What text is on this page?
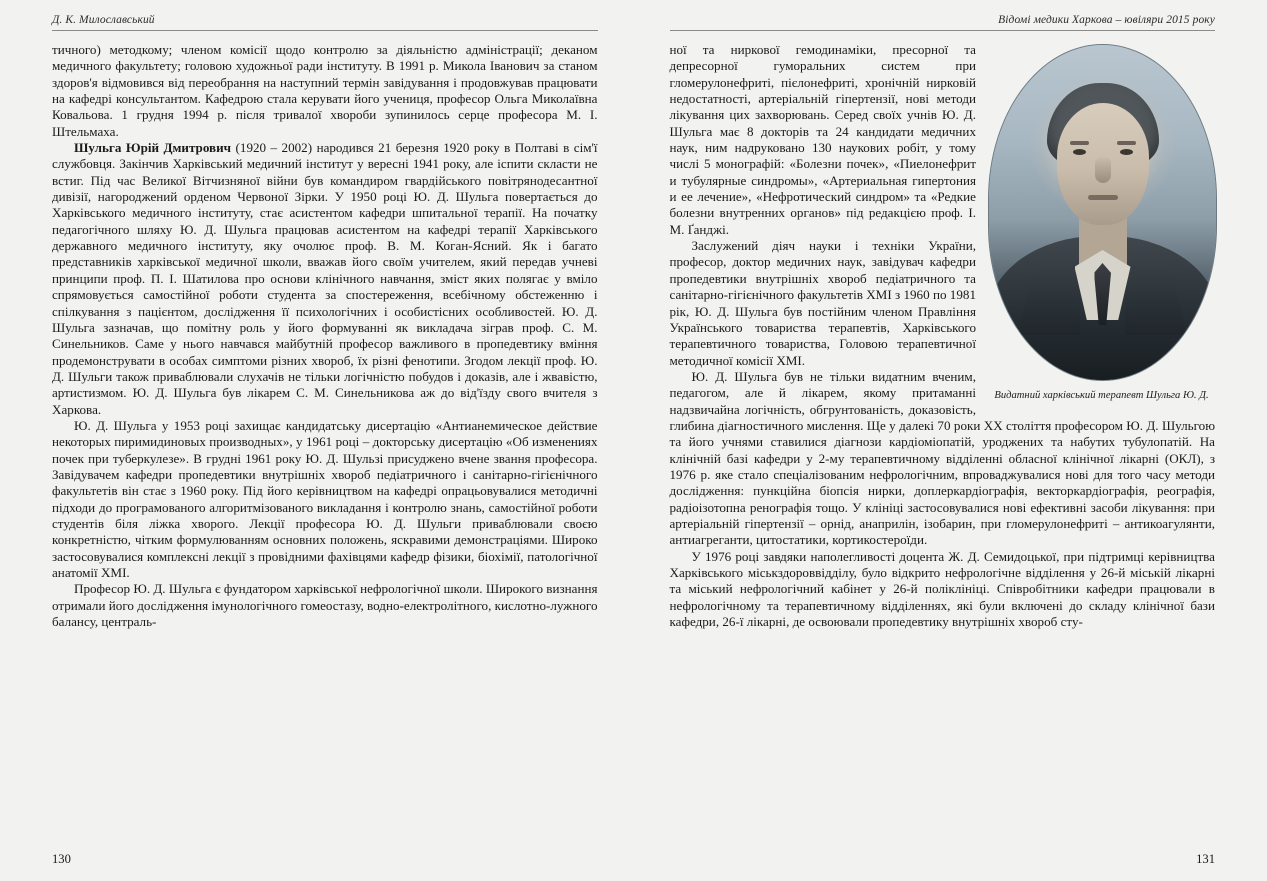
Д. К. Милославський

тичного) методкому; членом комісії щодо контролю за діяльністю адміністрації; деканом медичного факультету; головою художньої ради інституту. В 1991 р. Микола Іванович за станом здоров'я відмовився від переобрання на наступний термін завідування і продовжував працювати на кафедрі консультантом. Кафедрою стала керувати його учениця, професор Ольга Миколаївна Ковальова. 1 грудня 1994 р. після тривалої хвороби зупинилось серце професора М. І. Штельмаха.

Шульга Юрій Дмитрович (1920 – 2002) народився 21 березня 1920 року в Полтаві в сім'ї службовця. Закінчив Харківський медичний інститут у вересні 1941 року, але іспити скласти не встиг. Під час Великої Вітчизняної війни був командиром гвардійського повітрянодесантної дивізії, нагороджений орденом Червоної Зірки. У 1950 році Ю. Д. Шульга повертається до Харківського медичного інституту, стає асистентом кафедри шпитальної терапії. На початку педагогічного шляху Ю. Д. Шульга працював асистентом на кафедрі терапії Харківського державного медичного інституту, яку очолює проф. В. М. Коган-Ясний. Як і багато представників харківської медичної школи, вважав його своїм учителем, який передав учневі принципи проф. П. І. Шатилова про основи клінічного навчання, зміст яких полягає у вміло спрямовується самостійної роботи студента за спостереження, всебічному обстеженню і спілкування з пацієнтом, дослідження її психологічних і особистісних особливостей. Ю. Д. Шульга зазначав, що помітну роль у його формуванні як викладача зіграв проф. С. М. Синельников. Саме у нього навчався майбутній професор важливого в пропедевтику вміння продемонструвати в особах симптоми різних хвороб, їх різні фенотипи. Згодом лекції проф. Ю. Д. Шульги також приваблювали слухачів не тільки логічністю побудов і доказів, але і жвавістю, артистизмом. Ю. Д. Шульга був лікарем С. М. Синельникова аж до від'їзду свого вчителя з Харкова.

Ю. Д. Шульга у 1953 році захищає кандидатську дисертацію «Антианемическое действие некоторых пиримидиновых производных», у 1961 році – докторську дисертацію «Об изменениях почек при туберкулезе». В грудні 1961 року Ю. Д. Шульзі присуджено вчене звання професора. Завідувачем кафедри пропедевтики внутрішніх хвороб педіатричного і санітарно-гігієнічного факультетів він стає з 1960 року. Під його керівництвом на кафедрі опрацьовувалися методичні підходи до програмованого алгоритмізованого викладання і контролю знань, самостійної роботи студентів біля ліжка хворого. Лекції професора Ю. Д. Шульги приваблювали своєю конкретністю, чітким формулюванням основних положень, яскравими демонстраціями. Широко застосовувалися комплексні лекції з провідними фахівцями кафедр фізики, біохімії, патологічної анатомії ХМІ.

Професор Ю. Д. Шульга є фундатором харківської нефрологічної школи. Широкого визнання отримали його дослідження імунологічного гомеостазу, водно-електролітного, кислотно-лужного балансу, централь-

130
Відомі медики Харкова – ювіляри 2015 року
Видатний харківський терапевт Шульга Ю. Д.

ної та ниркової гемодинаміки, пресорної та депресорної гуморальних систем при гломерулонефриті, пієлонефриті, хронічній нирковій недостатності, артеріальній гіпертензії, нові методи лікування цих захворювань. Серед своїх учнів Ю. Д. Шульга має 8 докторів та 24 кандидати медичних наук, ним надруковано 130 наукових робіт, у тому числі 5 монографій: «Болезни почек», «Пиелонефрит и тубулярные синдромы», «Артериальная гипертония и ее лечение», «Нефротический синдром» та «Редкие болезни внутренних органов» під редакцією проф. І. М. Ґанджі.

Заслужений діяч науки і техніки України, професор, доктор медичних наук, завідувач кафедри пропедевтики внутрішніх хвороб педіатричного та санітарно-гігієнічного факультетів ХМІ з 1960 по 1981 рік, Ю. Д. Шульга був постійним членом Правління Українського товариства терапевтів, Харківського терапевтичного товариства, Головою терапевтичної методичної комісії ХМІ.

Ю. Д. Шульга був не тільки видатним вченим, педагогом, але й лікарем, якому притаманні надзвичайна логічність, обгрунтованість, доказовість, глибина діагностичного мислення. Ще у далекі 70 роки ХХ століття професором Ю. Д. Шульгою та його учнями ставилися діагнози кардіоміопатій, уроджених та набутих тубулопатій. На клінічній базі кафедри у 2-му терапевтичному відділенні обласної клінічної лікарні (ОКЛ), з 1976 р. яке стало спеціалізованим нефрологічним, впроваджувалися нові для того часу методи дослідження: пункційна біопсія нирки, доплеркардіографія, векторкардіографія, реографія, радіоізотопна ренографія тощо. У клініці застосовувалися нові ефективні засоби лікування: при артеріальній гіпертензії – орнід, анаприлін, ізобарин, при гломерулонефриті – антикоагулянти, антиагреганти, цитостатики, кортикостероїди.

У 1976 році завдяки наполегливості доцента Ж. Д. Семидоцької, при підтримці керівництва Харківського міськздороввідділу, було відкрито нефрологічне відділення у 26-й міській лікарні та міський нефрологічний кабінет у 26-й поліклініці. Співробітники кафедри працювали в нефрологічному та терапевтичному відділеннях, які були включені до складу клінічної бази кафедри, 26-ї лікарні, де освоювали пропедевтику внутрішніх хвороб сту-

131
